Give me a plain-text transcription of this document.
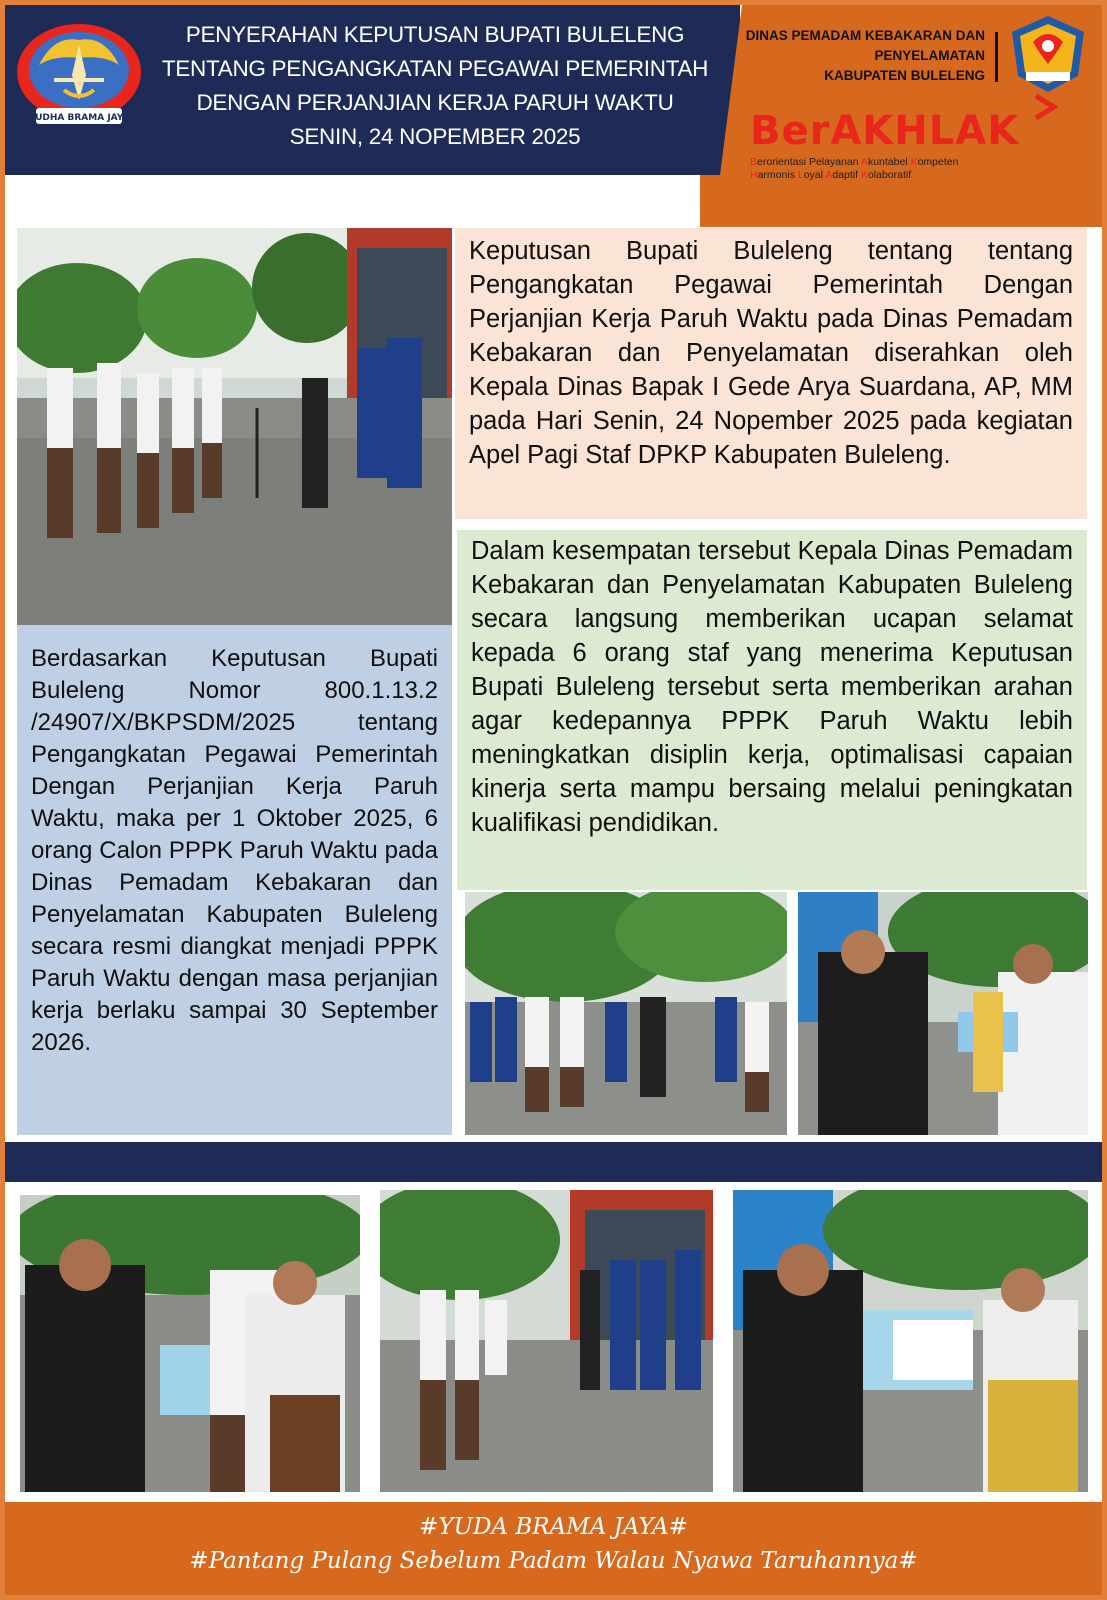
YUDHA BRAMA JAYA
PENYERAHAN KEPUTUSAN BUPATI BULELENG
TENTANG PENGANGKATAN PEGAWAI PEMERINTAH
DENGAN PERJANJIAN KERJA PARUH WAKTU
SENIN, 24 NOPEMBER 2025
DINAS PEMADAM KEBAKARAN DAN
PENYELAMATAN
KABUPATEN BULELENG
BerAKHLAK
Berorientasi Pelayanan Akuntabel Kompeten
Harmonis Loyal Adaptif Kolaboratif
Keputusan Bupati Buleleng tentang tentang Pengangkatan Pegawai Pemerintah Dengan Perjanjian Kerja Paruh Waktu pada Dinas Pemadam Kebakaran dan Penyelamatan diserahkan oleh Kepala Dinas Bapak I Gede Arya Suardana, AP, MM pada Hari Senin, 24 Nopember 2025 pada kegiatan Apel Pagi Staf DPKP Kabupaten Buleleng.
Dalam kesempatan tersebut Kepala Dinas Pemadam Kebakaran dan Penyelamatan Kabupaten Buleleng secara langsung memberikan ucapan selamat kepada 6 orang staf yang menerima Keputusan Bupati Buleleng tersebut serta memberikan arahan agar kedepannya PPPK Paruh Waktu lebih meningkatkan disiplin kerja, optimalisasi capaian kinerja serta mampu bersaing melalui peningkatan kualifikasi pendidikan.
Berdasarkan Keputusan Bupati Buleleng Nomor 800.1.13.2 /24907/X/BKPSDM/2025 tentang Pengangkatan Pegawai Pemerintah Dengan Perjanjian Kerja Paruh Waktu, maka per 1 Oktober 2025, 6 orang Calon PPPK Paruh Waktu pada Dinas Pemadam Kebakaran dan Penyelamatan Kabupaten Buleleng secara resmi diangkat menjadi PPPK Paruh Waktu dengan masa perjanjian kerja berlaku sampai 30 September 2026.
#YUDA BRAMA JAYA#
#Pantang Pulang Sebelum Padam Walau Nyawa Taruhannya#
